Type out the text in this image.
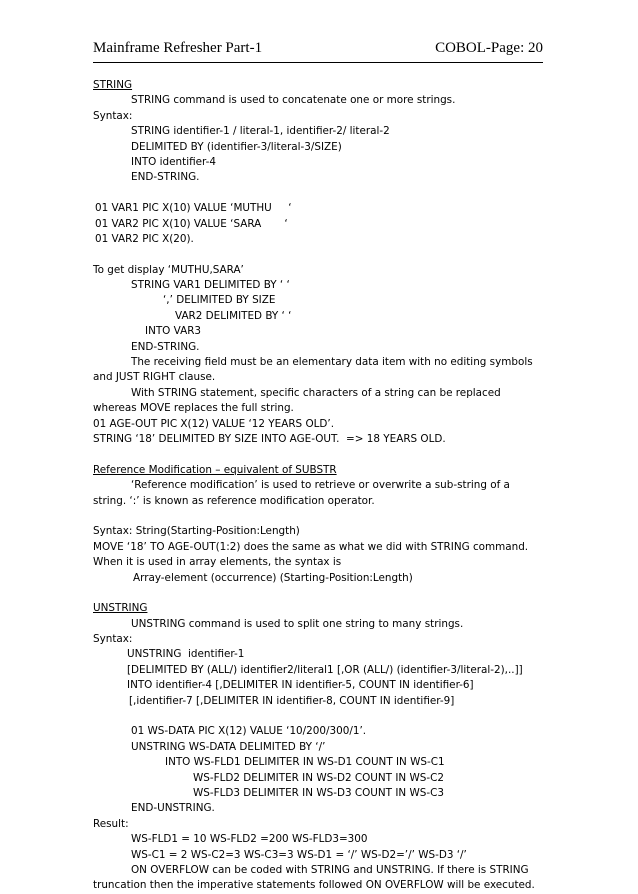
Mainframe Refresher Part-1	COBOL-Page: 20
STRING
STRING command is used to concatenate one or more strings.
Syntax:
STRING identifier-1 / literal-1, identifier-2/ literal-2
DELIMITED BY (identifier-3/literal-3/SIZE)
INTO identifier-4
END-STRING.
01 VAR1 PIC X(10) VALUE ‘MUTHU     ‘
01 VAR2 PIC X(10) VALUE ‘SARA       ‘
01 VAR2 PIC X(20).
To get display ‘MUTHU,SARA’
STRING VAR1 DELIMITED BY ‘ ‘
‘,’ DELIMITED BY SIZE
VAR2 DELIMITED BY ‘ ‘
INTO VAR3
END-STRING.
The receiving field must be an elementary data item with no editing symbols
and JUST RIGHT clause.
With STRING statement, specific characters of a string can be replaced
whereas MOVE replaces the full string.
01 AGE-OUT PIC X(12) VALUE ‘12 YEARS OLD’.
STRING ‘18’ DELIMITED BY SIZE INTO AGE-OUT.  => 18 YEARS OLD.
Reference Modification – equivalent of SUBSTR
‘Reference modification’ is used to retrieve or overwrite a sub-string of a
string. ‘:’ is known as reference modification operator.
Syntax: String(Starting-Position:Length)
MOVE ‘18’ TO AGE-OUT(1:2) does the same as what we did with STRING command.
When it is used in array elements, the syntax is
Array-element (occurrence) (Starting-Position:Length)
UNSTRING
UNSTRING command is used to split one string to many strings.
Syntax:
UNSTRING  identifier-1
[DELIMITED BY (ALL/) identifier2/literal1 [,OR (ALL/) (identifier-3/literal-2),..]]
INTO identifier-4 [,DELIMITER IN identifier-5, COUNT IN identifier-6]
[,identifier-7 [,DELIMITER IN identifier-8, COUNT IN identifier-9]
01 WS-DATA PIC X(12) VALUE ‘10/200/300/1’.
UNSTRING WS-DATA DELIMITED BY ‘/’
INTO WS-FLD1 DELIMITER IN WS-D1 COUNT IN WS-C1
WS-FLD2 DELIMITER IN WS-D2 COUNT IN WS-C2
WS-FLD3 DELIMITER IN WS-D3 COUNT IN WS-C3
END-UNSTRING.
Result:
WS-FLD1 = 10 WS-FLD2 =200 WS-FLD3=300
WS-C1 = 2 WS-C2=3 WS-C3=3 WS-D1 = ‘/’ WS-D2=’/’ WS-D3 ‘/’
ON OVERFLOW can be coded with STRING and UNSTRING. If there is STRING
truncation then the imperative statements followed ON OVERFLOW will be executed.
